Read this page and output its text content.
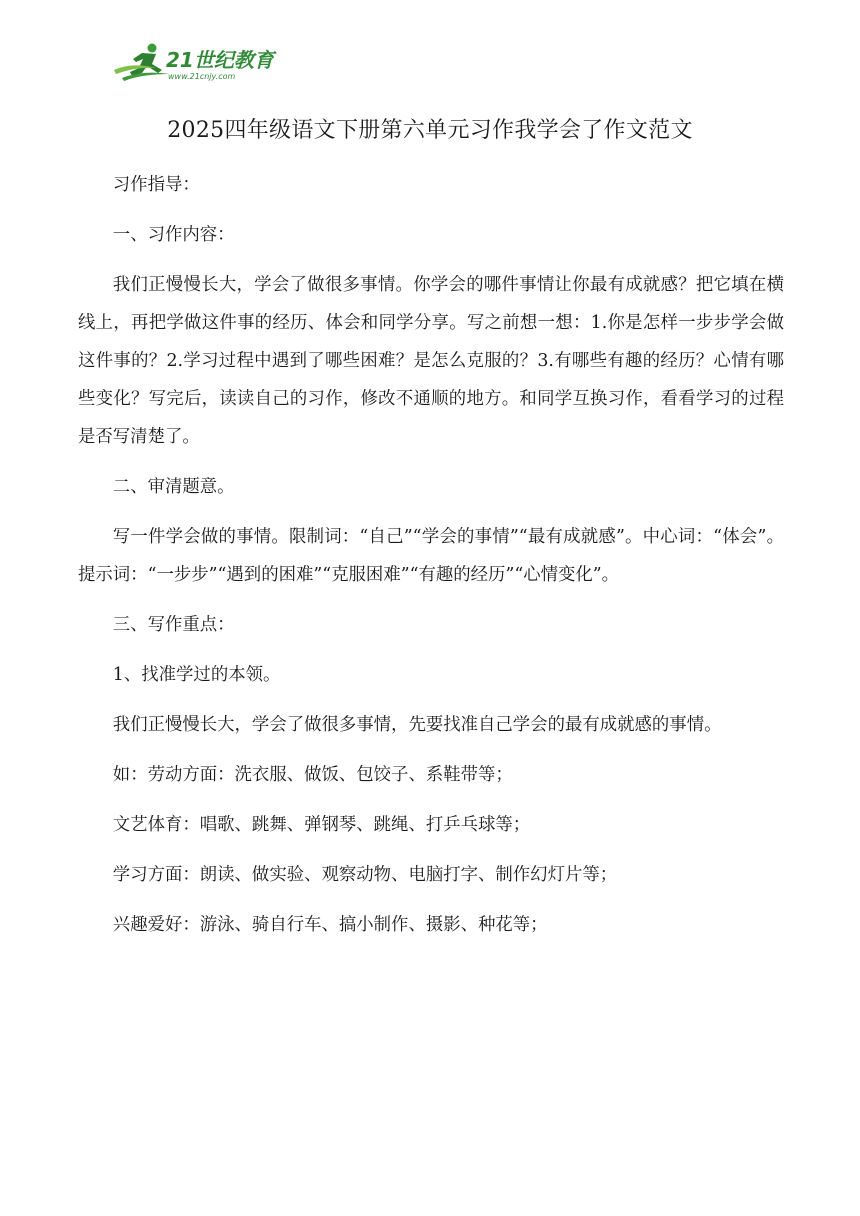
21世纪教育
www.21cnjy.com
2025四年级语文下册第六单元习作我学会了作文范文

习作指导：

一、习作内容：

我们正慢慢长大，学会了做很多事情。你学会的哪件事情让你最有成就感？把它填在横线上，再把学做这件事的经历、体会和同学分享。写之前想一想：1.你是怎样一步步学会做这件事的？2.学习过程中遇到了哪些困难？是怎么克服的？3.有哪些有趣的经历？心情有哪些变化？写完后，读读自己的习作，修改不通顺的地方。和同学互换习作，看看学习的过程是否写清楚了。

二、审清题意。

写一件学会做的事情。限制词：“自己”“学会的事情”“最有成就感”。中心词：“体会”。提示词：“一步步”“遇到的困难”“克服困难”“有趣的经历”“心情变化”。

三、写作重点：

1、找准学过的本领。

我们正慢慢长大，学会了做很多事情，先要找准自己学会的最有成就感的事情。

如：劳动方面：洗衣服、做饭、包饺子、系鞋带等；

文艺体育：唱歌、跳舞、弹钢琴、跳绳、打乒乓球等；

学习方面：朗读、做实验、观察动物、电脑打字、制作幻灯片等；

兴趣爱好：游泳、骑自行车、搞小制作、摄影、种花等；
